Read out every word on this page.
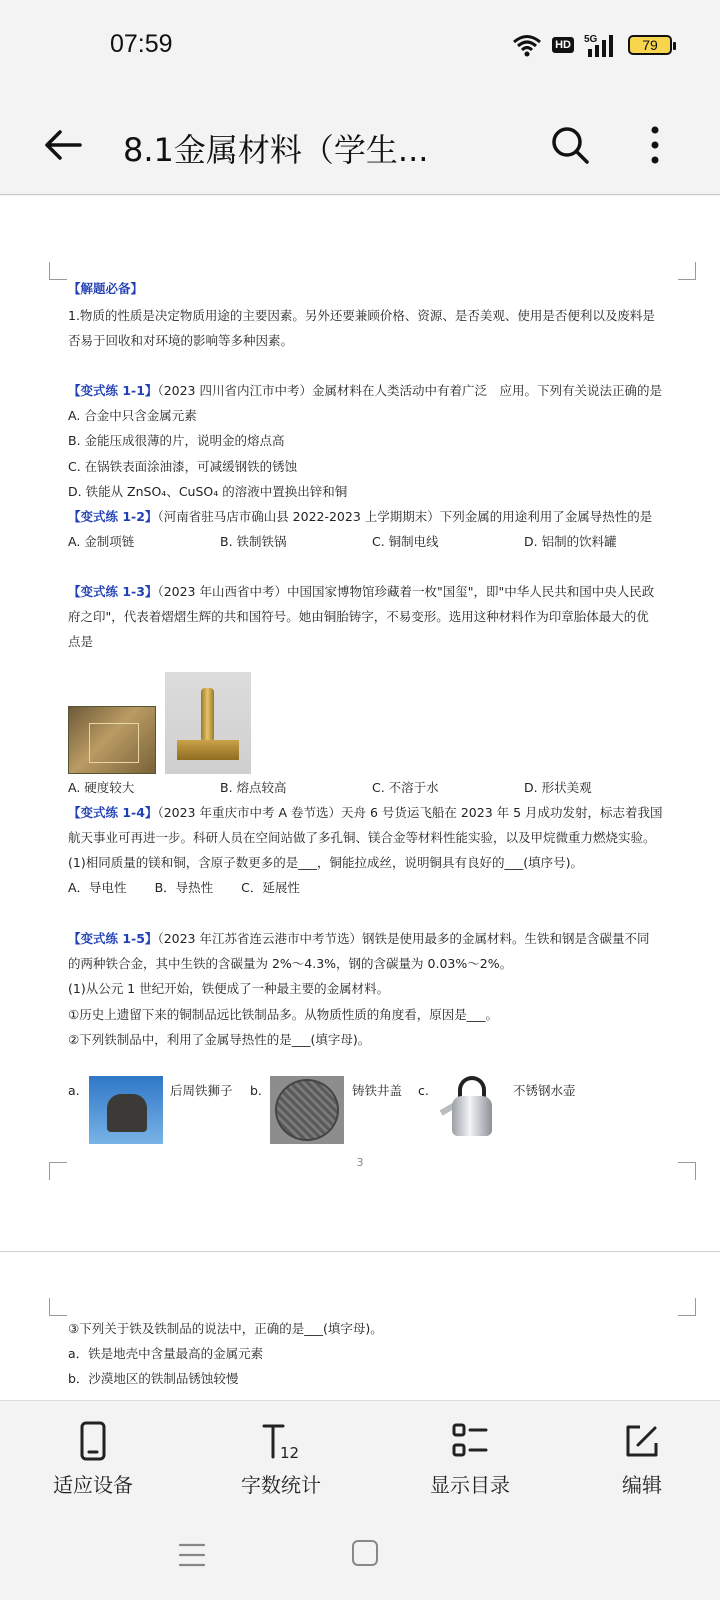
07:59	HD	5G	79
8.1金属材料（学生...
【解题必备】
1.物质的性质是决定物质用途的主要因素。另外还要兼顾价格、资源、是否美观、使用是否便利以及废料是
否易于回收和对环境的影响等多种因素。
【变式练 1-1】（2023 四川省内江市中考）金属材料在人类活动中有着广泛　应用。下列有关说法正确的是
A. 合金中只含金属元素
B. 金能压成很薄的片，说明金的熔点高
C. 在锅铁表面涂油漆，可减缓钢铁的锈蚀
D. 铁能从 ZnSO₄、CuSO₄ 的溶液中置换出锌和铜
【变式练 1-2】（河南省驻马店市确山县 2022-2023 上学期期末）下列金属的用途利用了金属导热性的是
A. 金制项链	B. 铁制铁锅	C. 铜制电线	D. 铝制的饮料罐
【变式练 1-3】（2023 年山西省中考）中国国家博物馆珍藏着一枚"国玺"，即"中华人民共和国中央人民政
府之印"，代表着熠熠生辉的共和国符号。她由铜胎铸字，不易变形。选用这种材料作为印章胎体最大的优
点是
A. 硬度较大	B. 熔点较高	C. 不溶于水	D. 形状美观
【变式练 1-4】（2023 年重庆市中考 A 卷节选）天舟 6 号货运飞船在 2023 年 5 月成功发射，标志着我国
航天事业可再进一步。科研人员在空间站做了多孔铜、镁合金等材料性能实验，以及甲烷微重力燃烧实验。
(1)相同质量的镁和铜，含原子数更多的是___，铜能拉成丝，说明铜具有良好的___(填序号)。
A．导电性 B．导热性 C．延展性
【变式练 1-5】（2023 年江苏省连云港市中考节选）钢铁是使用最多的金属材料。生铁和钢是含碳量不同
的两种铁合金，其中生铁的含碳量为 2%～4.3%，钢的含碳量为 0.03%～2%。
(1)从公元 1 世纪开始，铁便成了一种最主要的金属材料。
①历史上遗留下来的铜制品远比铁制品多。从物质性质的角度看，原因是___。
②下列铁制品中，利用了金属导热性的是___(填字母)。
a.	后周铁狮子 b.	铸铁井盖 c.	不锈钢水壶
3
③下列关于铁及铁制品的说法中，正确的是___(填字母)。
a．铁是地壳中含量最高的金属元素
b．沙漠地区的铁制品锈蚀较慢
适应设备
12
字数统计	显示目录	编辑
